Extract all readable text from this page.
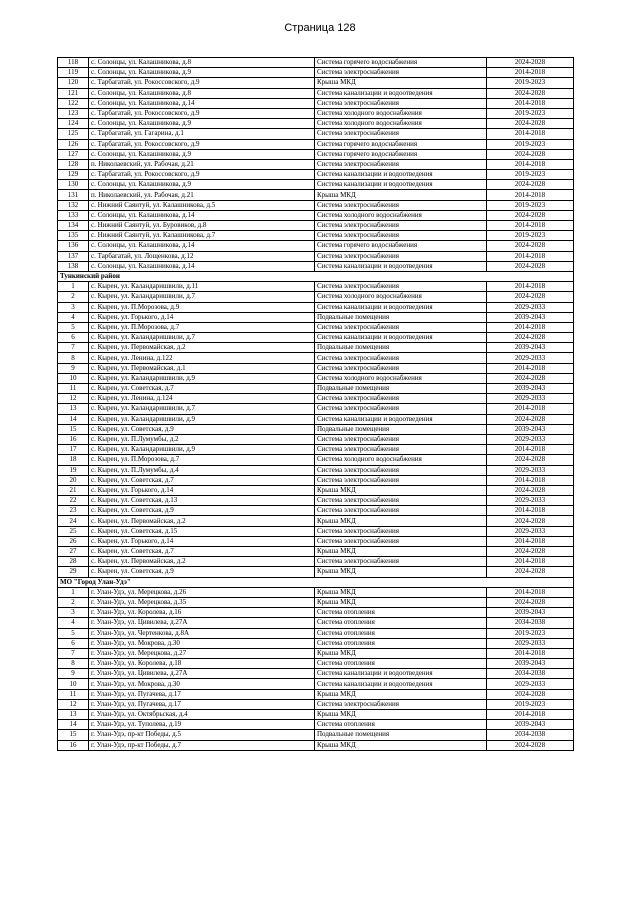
Страница 128
118	с. Солонцы, ул. Калашникова, д.8	Система горячего водоснабжения	2024-2028
119	с. Солонцы, ул. Калашникова, д.9	Система электроснабжения	2014-2018
120	с. Тарбагатай, ул. Рокоссовского, д.9	Крыша МКД	2019-2023
121	с. Солонцы, ул. Калашникова, д.8	Система канализации и водоотведения	2024-2028
122	с. Солонцы, ул. Калашникова, д.14	Система электроснабжения	2014-2018
123	с. Тарбагатай, ул. Рокоссовского, д.9	Система холодного водоснабжения	2019-2023
124	с. Солонцы, ул. Калашникова, д.9	Система холодного водоснабжения	2024-2028
125	с. Тарбагатай, ул. Гагарина, д.1	Система электроснабжения	2014-2018
126	с. Тарбагатай, ул. Рокоссовского, д.9	Система горячего водоснабжения	2019-2023
127	с. Солонцы, ул. Калашникова, д.9	Система горячего водоснабжения	2024-2028
128	п. Николаевский, ул. Рабочая, д.21	Система электроснабжения	2014-2018
129	с. Тарбагатай, ул. Рокоссовского, д.9	Система канализации и водоотведения	2019-2023
130	с. Солонцы, ул. Калашникова, д.9	Система канализации и водоотведения	2024-2028
131	п. Николаевский, ул. Рабочая, д.21	Крыша МКД	2014-2018
132	с. Нижний Саянтуй, ул. Калашникова, д.5	Система электроснабжения	2019-2023
133	с. Солонцы, ул. Калашникова, д.14	Система холодного водоснабжения	2024-2028
134	с. Нижний Саянтуй, ул. Буровиков, д.8	Система электроснабжения	2014-2018
135	с. Нижний Саянтуй, ул. Калашникова, д.7	Система электроснабжения	2019-2023
136	с. Солонцы, ул. Калашникова, д.14	Система горячего водоснабжения	2024-2028
137	с. Тарбагатай, ул. Лощенкова, д.12	Система электроснабжения	2014-2018
138	с. Солонцы, ул. Калашникова, д.14	Система канализации и водоотведения	2024-2028
Тункинский район			
1	с. Кырен, ул. Каландаришвили, д.11	Система электроснабжения	2014-2018
2	с. Кырен, ул. Каландаришвили, д.7	Система холодного водоснабжения	2024-2028
3	с. Кырен, ул. П.Морозова, д.9	Система канализации и водоотведения	2029-2033
4	с. Кырен, ул. Горького, д.14	Подвальные помещения	2039-2043
5	с. Кырен, ул. П.Морозова, д.7	Система электроснабжения	2014-2018
6	с. Кырен, ул. Каландаришвили, д.7	Система канализации и водоотведения	2024-2028
7	с. Кырен, ул. Первомайская, д.2	Подвальные помещения	2039-2043
8	с. Кырен, ул. Ленина, д.122	Система электроснабжения	2029-2033
9	с. Кырен, ул. Первомайская, д.1	Система электроснабжения	2014-2018
10	с. Кырен, ул. Каландаришвили, д.9	Система холодного водоснабжения	2024-2028
11	с. Кырен, ул. Советская, д.7	Подвальные помещения	2039-2043
12	с. Кырен, ул. Ленина, д.124	Система электроснабжения	2029-2033
13	с. Кырен, ул. Каландаришвили, д.7	Система электроснабжения	2014-2018
14	с. Кырен, ул. Каландаришвили, д.9	Система канализации и водоотведения	2024-2028
15	с. Кырен, ул. Советская, д.9	Подвальные помещения	2039-2043
16	с. Кырен, ул. П.Лумумбы, д.2	Система электроснабжения	2029-2033
17	с. Кырен, ул. Каландаришвили, д.9	Система электроснабжения	2014-2018
18	с. Кырен, ул. П.Морозова, д.7	Система холодного водоснабжения	2024-2028
19	с. Кырен, ул. П.Лумумбы, д.4	Система электроснабжения	2029-2033
20	с. Кырен, ул. Советская, д.7	Система электроснабжения	2014-2018
21	с. Кырен, ул. Горького, д.14	Крыша МКД	2024-2028
22	с. Кырен, ул. Советская, д.13	Система электроснабжения	2029-2033
23	с. Кырен, ул. Советская, д.9	Система электроснабжения	2014-2018
24	с. Кырен, ул. Первомайская, д.2	Крыша МКД	2024-2028
25	с. Кырен, ул. Советская, д.15	Система электроснабжения	2029-2033
26	с. Кырен, ул. Горького, д.14	Система электроснабжения	2014-2018
27	с. Кырен, ул. Советская, д.7	Крыша МКД	2024-2028
28	с. Кырен, ул. Первомайская, д.2	Система электроснабжения	2014-2018
29	с. Кырен, ул. Советская, д.9	Крыша МКД	2024-2028
МО "Город Улан-Удэ"			
1	г. Улан-Удэ, ул. Мерецкова, д.26	Крыша МКД	2014-2018
2	г. Улан-Удэ, ул. Мерецкова, д.35	Крыша МКД	2024-2028
3	г. Улан-Удэ, ул. Королева, д.16	Система отопления	2039-2043
4	г. Улан-Удэ, ул. Цивилева, д.27А	Система отопления	2034-2038
5	г. Улан-Удэ, ул. Чертенкова, д.8А	Система отопления	2019-2023
6	г. Улан-Удэ, ул. Мокрова, д.30	Система отопления	2029-2033
7	г. Улан-Удэ, ул. Мерецкова, д.27	Крыша МКД	2014-2018
8	г. Улан-Удэ, ул. Королева, д.18	Система отопления	2039-2043
9	г. Улан-Удэ, ул. Цивилева, д.27А	Система канализации и водоотведения	2034-2038
10	г. Улан-Удэ, ул. Мокрова, д.30	Система канализации и водоотведения	2029-2033
11	г. Улан-Удэ, ул. Пугачева, д.17	Крыша МКД	2024-2028
12	г. Улан-Удэ, ул. Пугачева, д.17	Система электроснабжения	2019-2023
13	г. Улан-Удэ, ул. Октябрьская, д.4	Крыша МКД	2014-2018
14	г. Улан-Удэ, ул. Туполева, д.19	Система отопления	2039-2043
15	г. Улан-Удэ, пр-кт Победы, д.5	Подвальные помещения	2034-2038
16	г. Улан-Удэ, пр-кт Победы, д.7	Крыша МКД	2024-2028
